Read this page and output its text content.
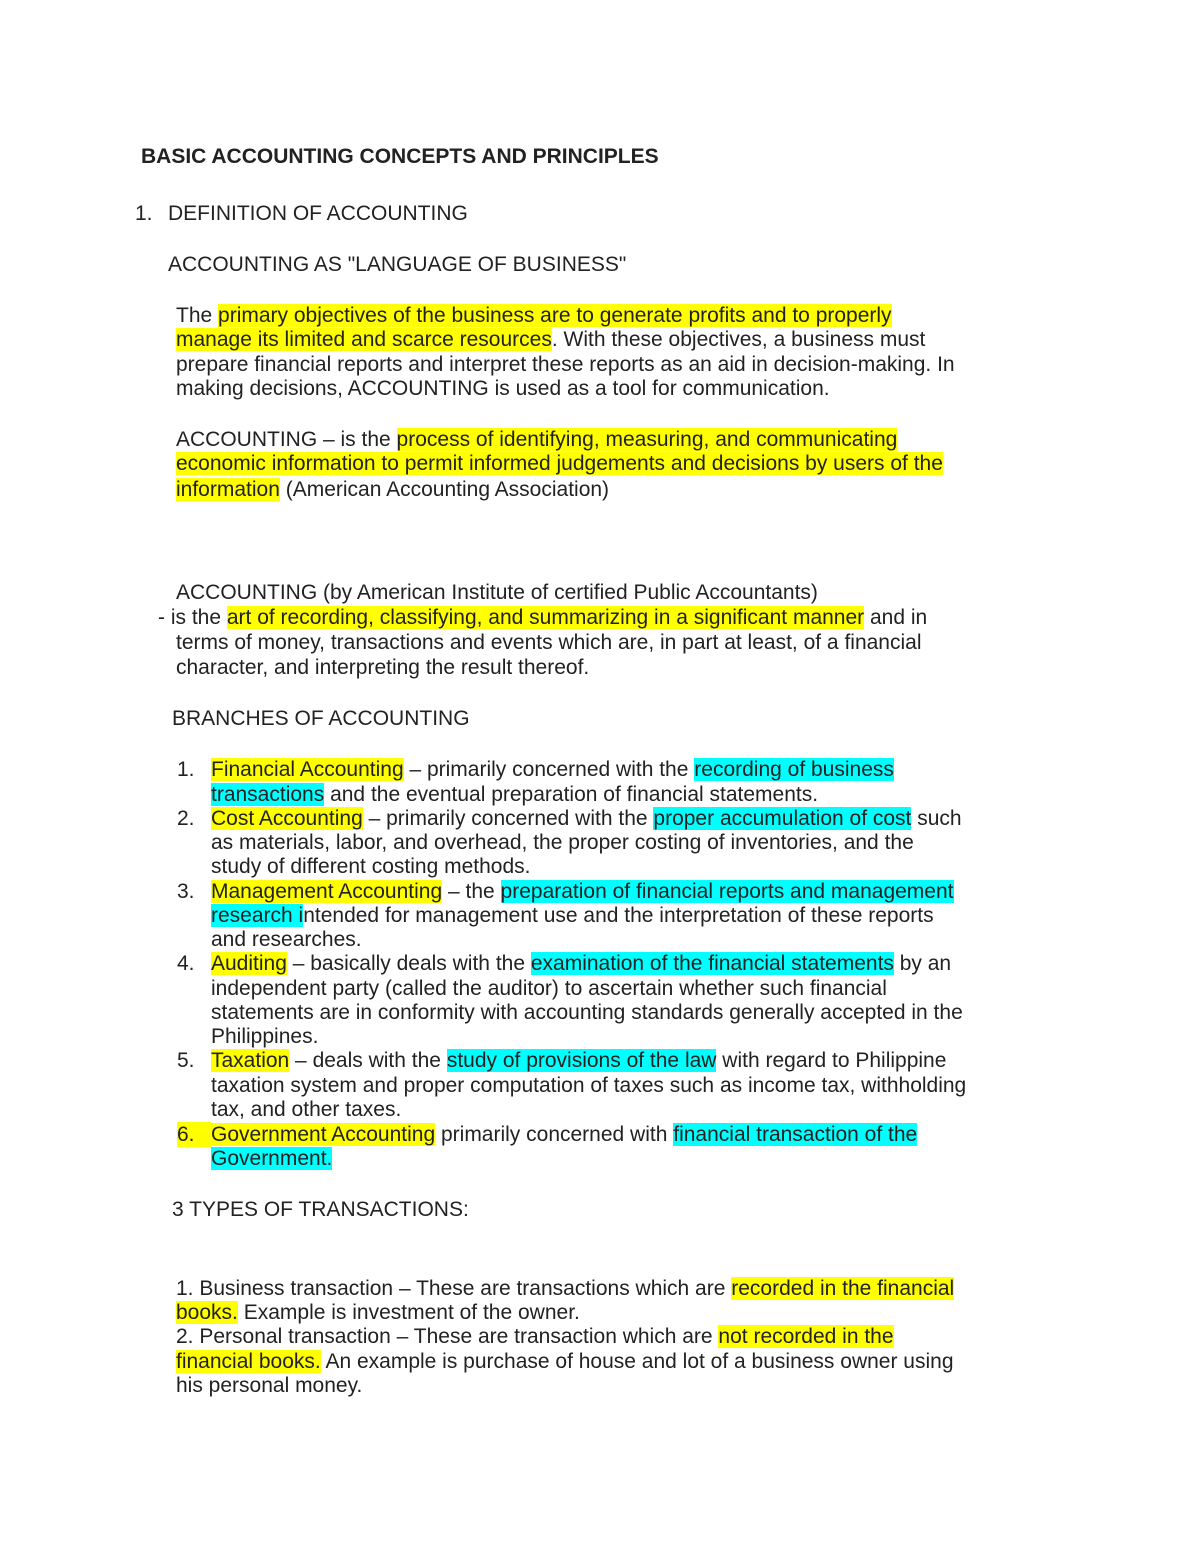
BASIC ACCOUNTING CONCEPTS AND PRINCIPLES
1. DEFINITION OF ACCOUNTING
ACCOUNTING AS "LANGUAGE OF BUSINESS"
The primary objectives of the business are to generate profits and to properly
manage its limited and scarce resources. With these objectives, a business must
prepare financial reports and interpret these reports as an aid in decision-making. In
making decisions, ACCOUNTING is used as a tool for communication.
ACCOUNTING – is the process of identifying, measuring, and communicating
economic information to permit informed judgements and decisions by users of the
information (American Accounting Association)
ACCOUNTING (by American Institute of certified Public Accountants)
- is the art of recording, classifying, and summarizing in a significant manner and in
terms of money, transactions and events which are, in part at least, of a financial
character, and interpreting the result thereof.
BRANCHES OF ACCOUNTING
1. Financial Accounting – primarily concerned with the recording of business
transactions and the eventual preparation of financial statements.
2. Cost Accounting – primarily concerned with the proper accumulation of cost such
as materials, labor, and overhead, the proper costing of inventories, and the
study of different costing methods.
3. Management Accounting – the preparation of financial reports and management
research intended for management use and the interpretation of these reports
and researches.
4. Auditing – basically deals with the examination of the financial statements by an
independent party (called the auditor) to ascertain whether such financial
statements are in conformity with accounting standards generally accepted in the
Philippines.
5. Taxation – deals with the study of provisions of the law with regard to Philippine
taxation system and proper computation of taxes such as income tax, withholding
tax, and other taxes.
6. Government Accounting primarily concerned with financial transaction of the
Government.
3 TYPES OF TRANSACTIONS:
1. Business transaction – These are transactions which are recorded in the financial
books. Example is investment of the owner.
2. Personal transaction – These are transaction which are not recorded in the
financial books. An example is purchase of house and lot of a business owner using
his personal money.
